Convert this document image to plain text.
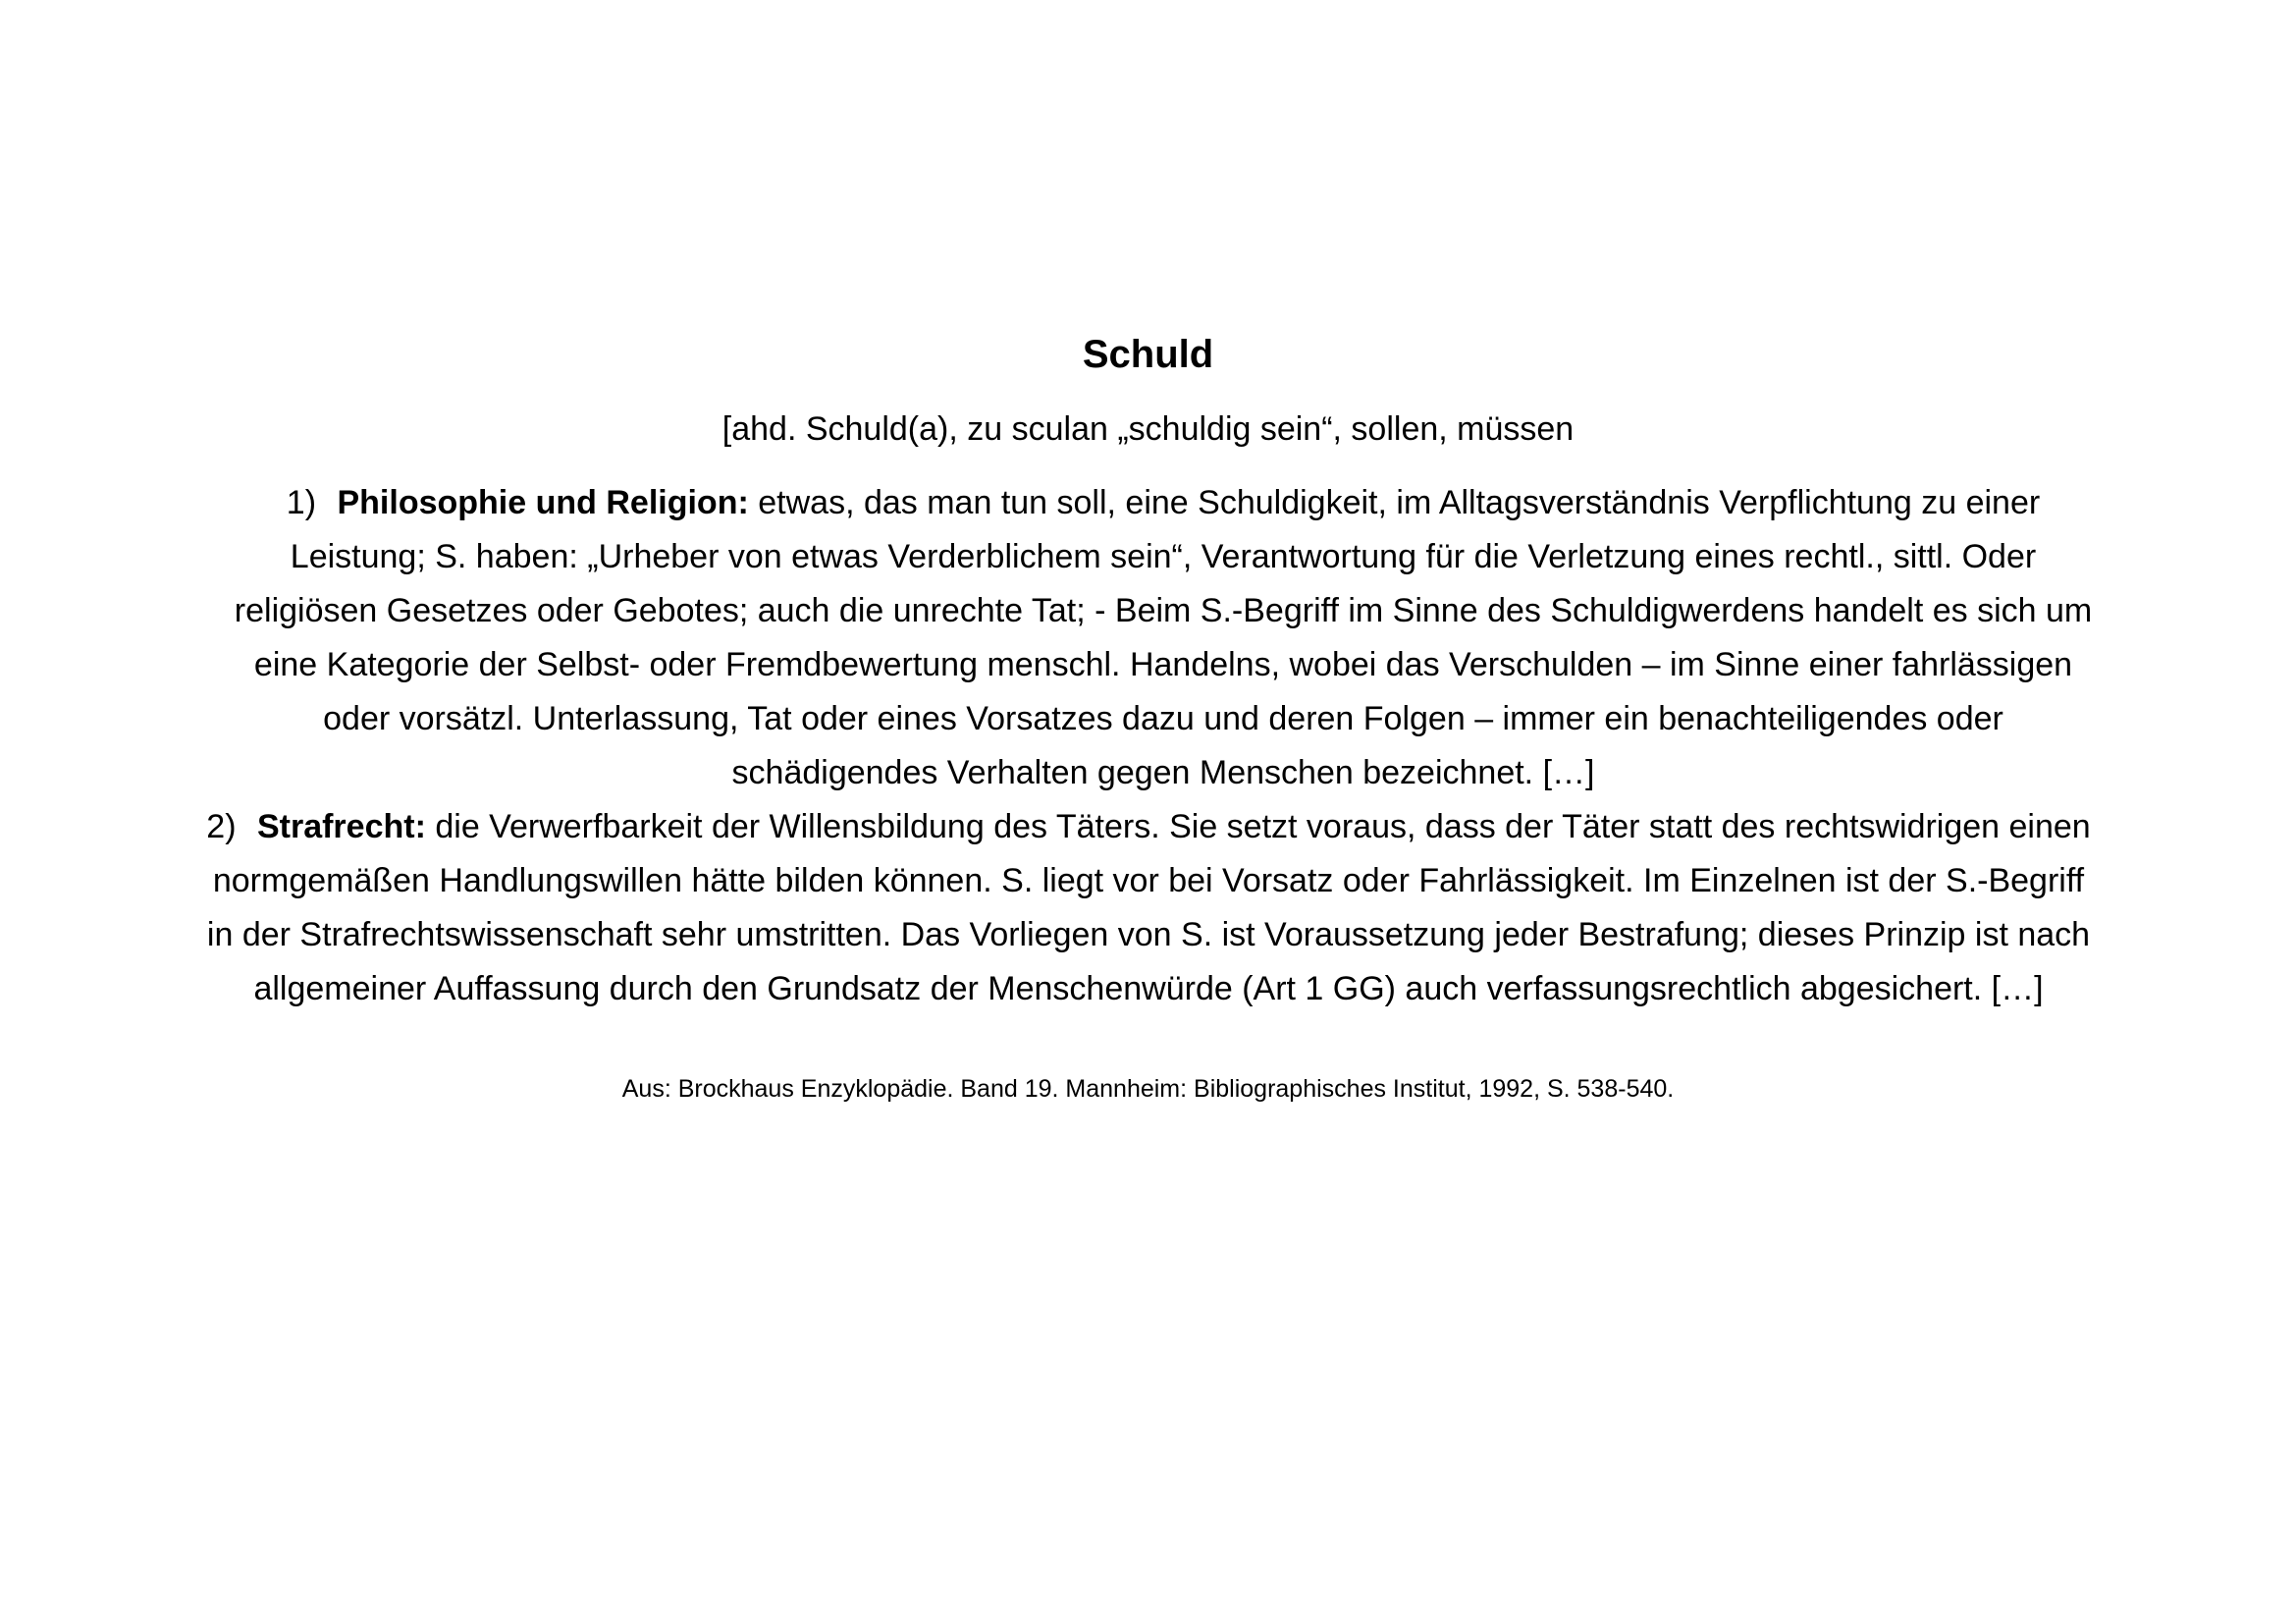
Schuld

[ahd. Schuld(a), zu sculan „schuldig sein“, sollen, müssen

1) Philosophie und Religion: etwas, das man tun soll, eine Schuldigkeit, im Alltagsverständnis Verpflichtung zu einer Leistung; S. haben: „Urheber von etwas Verderblichem sein“, Verantwortung für die Verletzung eines rechtl., sittl. Oder religiösen Gesetzes oder Gebotes; auch die unrechte Tat; - Beim S.-Begriff im Sinne des Schuldigwerdens handelt es sich um eine Kategorie der Selbst- oder Fremdbewertung menschl. Handelns, wobei das Verschulden – im Sinne einer fahrlässigen oder vorsätzl. Unterlassung, Tat oder eines Vorsatzes dazu und deren Folgen – immer ein benachteiligendes oder schädigendes Verhalten gegen Menschen bezeichnet. […]

2) Strafrecht: die Verwerfbarkeit der Willensbildung des Täters. Sie setzt voraus, dass der Täter statt des rechtswidrigen einen normgemäßen Handlungswillen hätte bilden können. S. liegt vor bei Vorsatz oder Fahrlässigkeit. Im Einzelnen ist der S.-Begriff in der Strafrechtswissenschaft sehr umstritten. Das Vorliegen von S. ist Voraussetzung jeder Bestrafung; dieses Prinzip ist nach allgemeiner Auffassung durch den Grundsatz der Menschenwürde (Art 1 GG) auch verfassungsrechtlich abgesichert. […]

Aus: Brockhaus Enzyklopädie. Band 19. Mannheim: Bibliographisches Institut, 1992, S. 538-540.
